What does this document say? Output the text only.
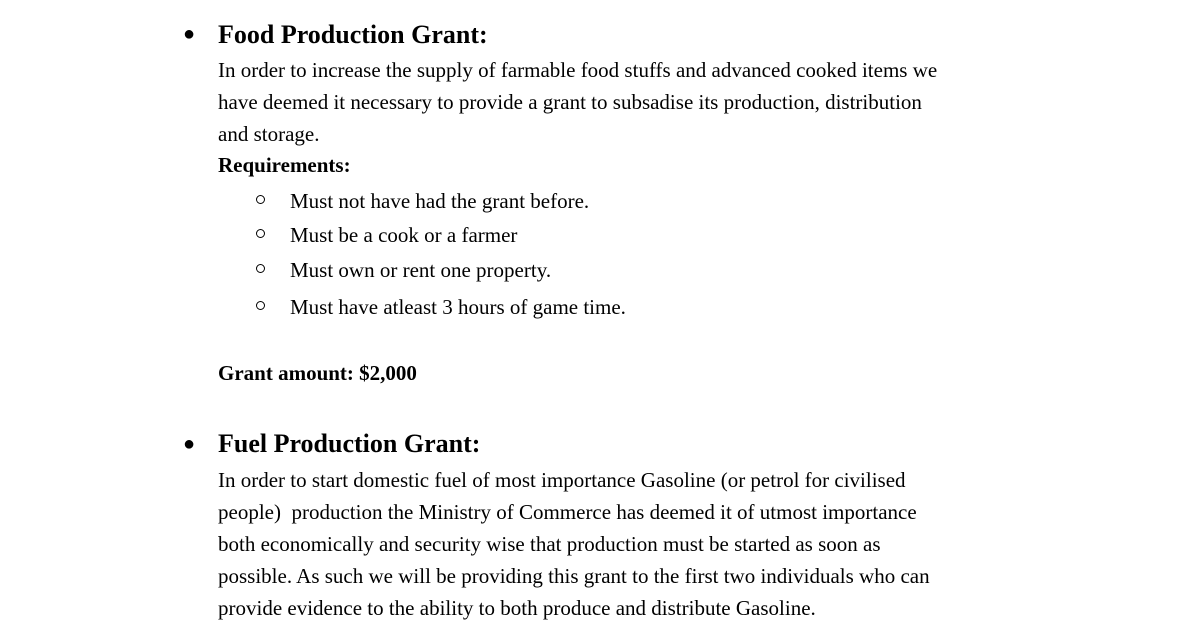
● Food Production Grant:
In order to increase the supply of farmable food stuffs and advanced cooked items we
have deemed it necessary to provide a grant to subsadise its production, distribution
and storage.
Requirements:
Must not have had the grant before.
Must be a cook or a farmer
Must own or rent one property.
Must have atleast 3 hours of game time.
Grant amount: $2,000
● Fuel Production Grant:
In order to start domestic fuel of most importance Gasoline (or petrol for civilised
people)  production the Ministry of Commerce has deemed it of utmost importance
both economically and security wise that production must be started as soon as
possible. As such we will be providing this grant to the first two individuals who can
provide evidence to the ability to both produce and distribute Gasoline.
